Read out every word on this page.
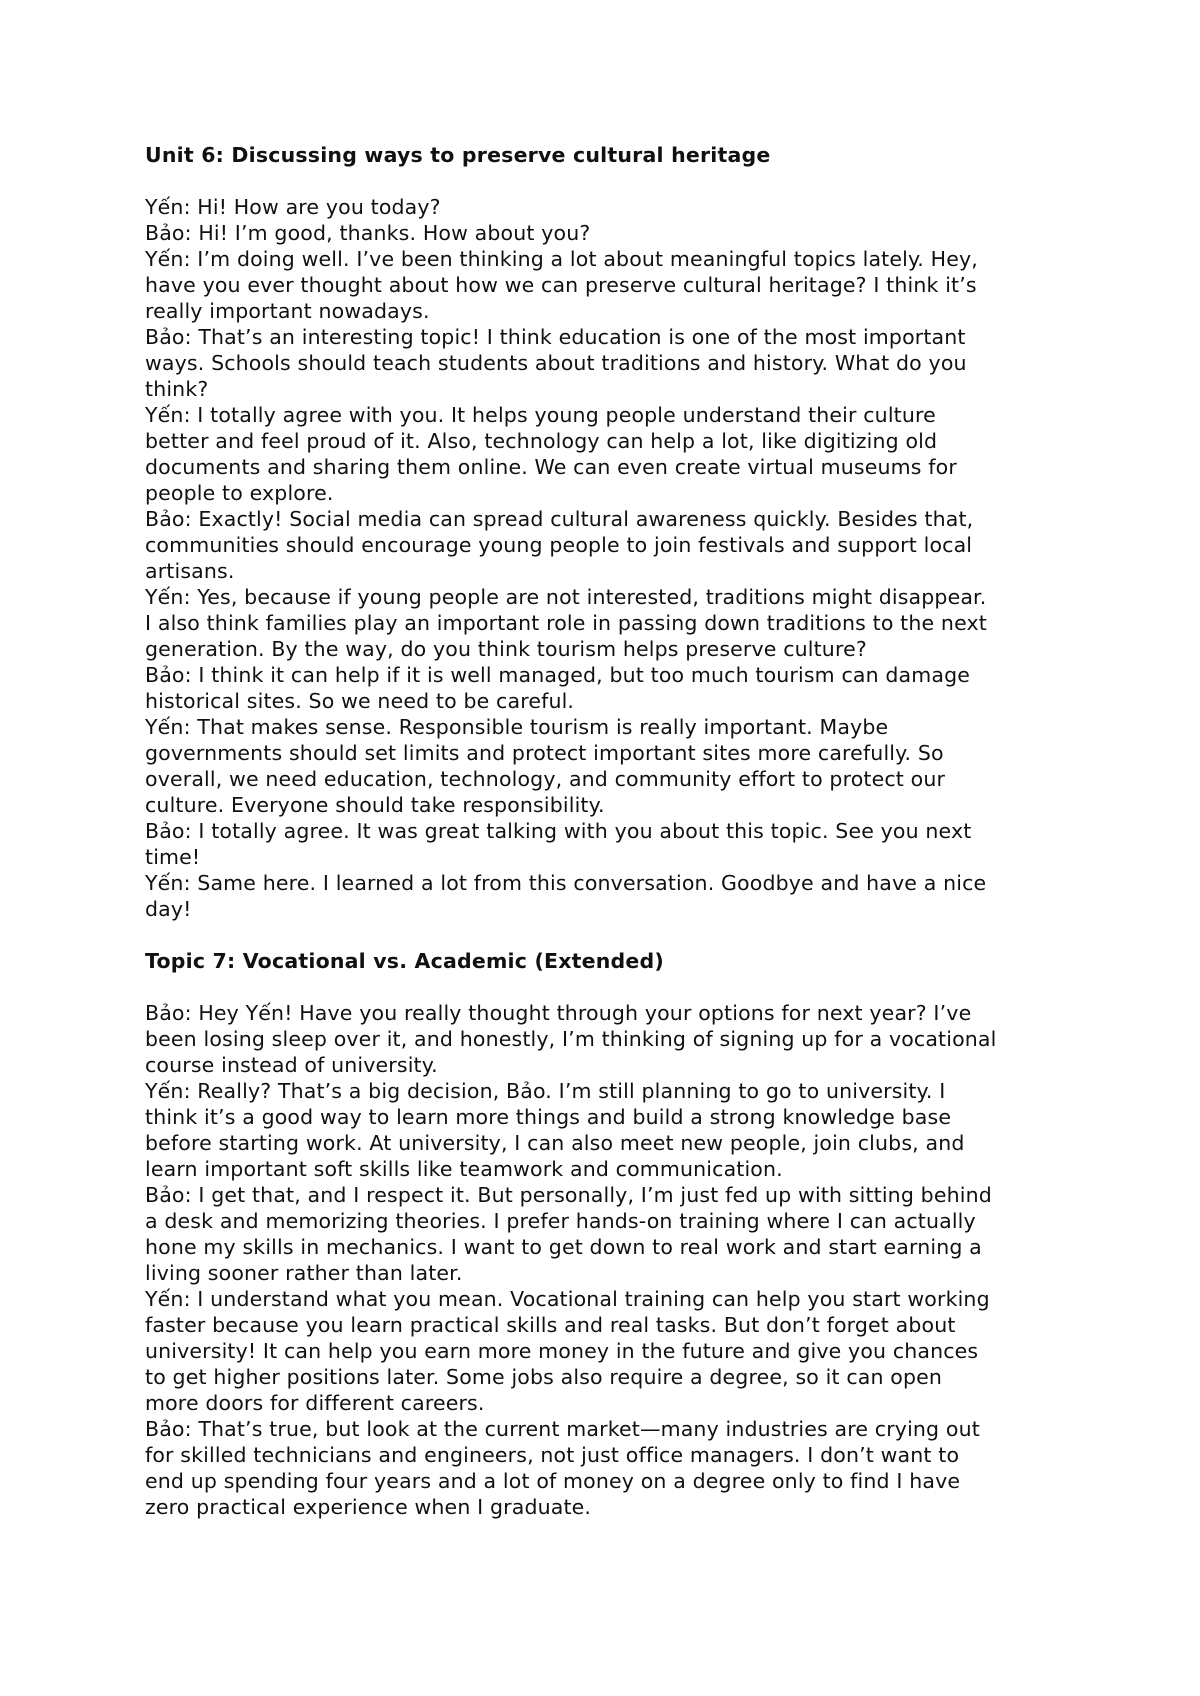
Unit 6: Discussing ways to preserve cultural heritage

Yến: Hi! How are you today?

Bảo: Hi! I’m good, thanks. How about you?

Yến: I’m doing well. I’ve been thinking a lot about meaningful topics lately. Hey,

have you ever thought about how we can preserve cultural heritage? I think it’s

really important nowadays.

Bảo: That’s an interesting topic! I think education is one of the most important

ways. Schools should teach students about traditions and history. What do you

think?

Yến: I totally agree with you. It helps young people understand their culture

better and feel proud of it. Also, technology can help a lot, like digitizing old

documents and sharing them online. We can even create virtual museums for

people to explore.

Bảo: Exactly! Social media can spread cultural awareness quickly. Besides that,

communities should encourage young people to join festivals and support local

artisans.

Yến: Yes, because if young people are not interested, traditions might disappear.

I also think families play an important role in passing down traditions to the next

generation. By the way, do you think tourism helps preserve culture?

Bảo: I think it can help if it is well managed, but too much tourism can damage

historical sites. So we need to be careful.

Yến: That makes sense. Responsible tourism is really important. Maybe

governments should set limits and protect important sites more carefully. So

overall, we need education, technology, and community effort to protect our

culture. Everyone should take responsibility.

Bảo: I totally agree. It was great talking with you about this topic. See you next

time!

Yến: Same here. I learned a lot from this conversation. Goodbye and have a nice

day!

Topic 7: Vocational vs. Academic (Extended)

Bảo: Hey Yến! Have you really thought through your options for next year? I’ve

been losing sleep over it, and honestly, I’m thinking of signing up for a vocational

course instead of university.

Yến: Really? That’s a big decision, Bảo. I’m still planning to go to university. I

think it’s a good way to learn more things and build a strong knowledge base

before starting work. At university, I can also meet new people, join clubs, and

learn important soft skills like teamwork and communication.

Bảo: I get that, and I respect it. But personally, I’m just fed up with sitting behind

a desk and memorizing theories. I prefer hands-on training where I can actually

hone my skills in mechanics. I want to get down to real work and start earning a

living sooner rather than later.

Yến: I understand what you mean. Vocational training can help you start working

faster because you learn practical skills and real tasks. But don’t forget about

university! It can help you earn more money in the future and give you chances

to get higher positions later. Some jobs also require a degree, so it can open

more doors for different careers.

Bảo: That’s true, but look at the current market—many industries are crying out

for skilled technicians and engineers, not just office managers. I don’t want to

end up spending four years and a lot of money on a degree only to find I have

zero practical experience when I graduate.
